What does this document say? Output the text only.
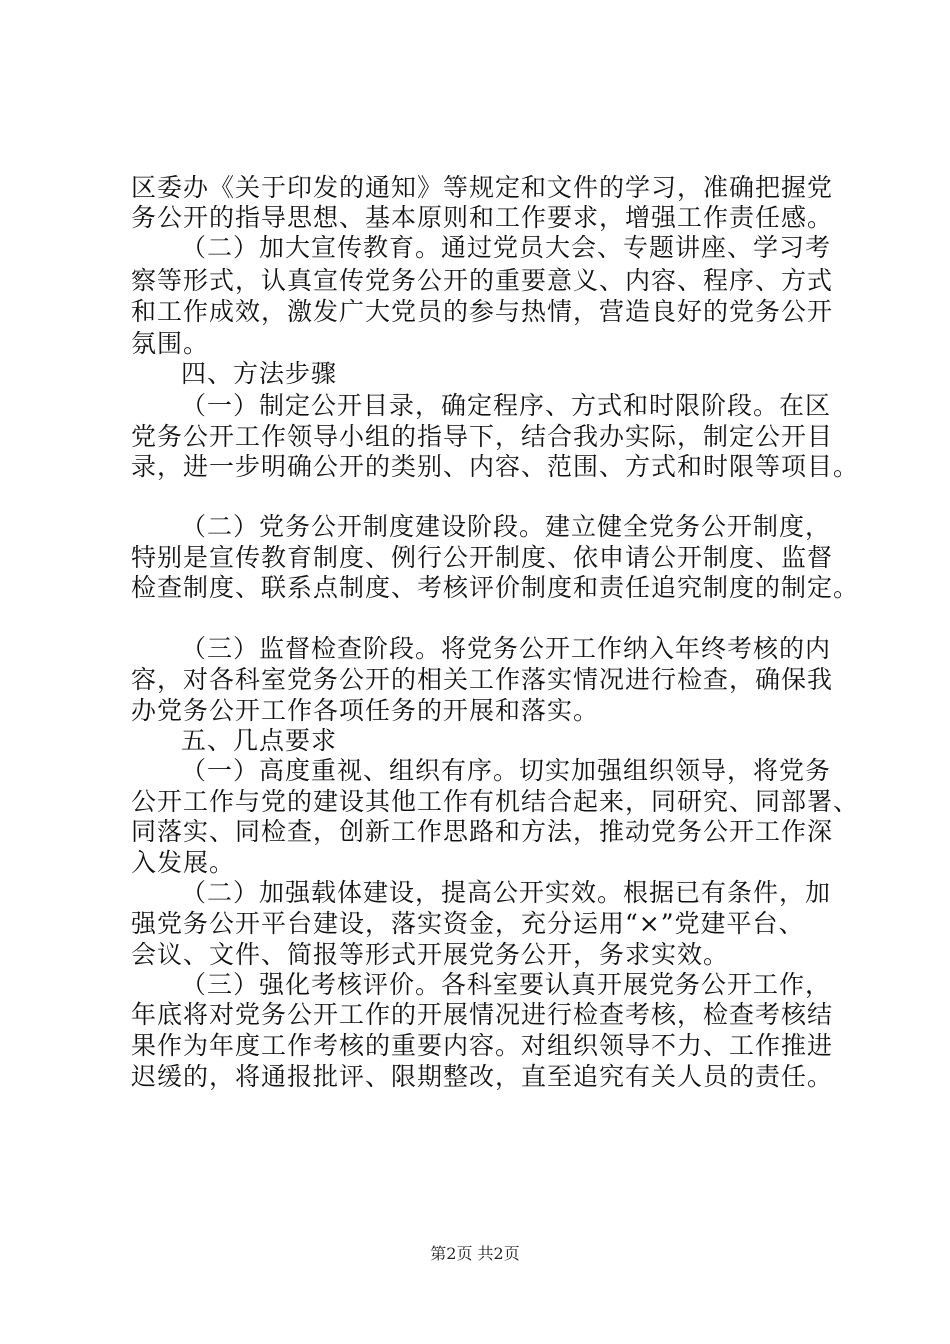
区委办《关于印发的通知》等规定和文件的学习，准确把握党
务公开的指导思想、基本原则和工作要求，增强工作责任感。
（二）加大宣传教育。通过党员大会、专题讲座、学习考
察等形式，认真宣传党务公开的重要意义、内容、程序、方式
和工作成效，激发广大党员的参与热情，营造良好的党务公开
氛围。
四、方法步骤
（一）制定公开目录，确定程序、方式和时限阶段。在区
党务公开工作领导小组的指导下，结合我办实际，制定公开目
录，进一步明确公开的类别、内容、范围、方式和时限等项目。
（二）党务公开制度建设阶段。建立健全党务公开制度，
特别是宣传教育制度、例行公开制度、依申请公开制度、监督
检查制度、联系点制度、考核评价制度和责任追究制度的制定。
（三）监督检查阶段。将党务公开工作纳入年终考核的内
容，对各科室党务公开的相关工作落实情况进行检查，确保我
办党务公开工作各项任务的开展和落实。
五、几点要求
（一）高度重视、组织有序。切实加强组织领导，将党务
公开工作与党的建设其他工作有机结合起来，同研究、同部署、
同落实、同检查，创新工作思路和方法，推动党务公开工作深
入发展。
（二）加强载体建设，提高公开实效。根据已有条件，加
强党务公开平台建设，落实资金，充分运用“×”党建平台、
会议、文件、简报等形式开展党务公开，务求实效。
（三）强化考核评价。各科室要认真开展党务公开工作，
年底将对党务公开工作的开展情况进行检查考核，检查考核结
果作为年度工作考核的重要内容。对组织领导不力、工作推进
迟缓的，将通报批评、限期整改，直至追究有关人员的责任。
第2页 共2页
